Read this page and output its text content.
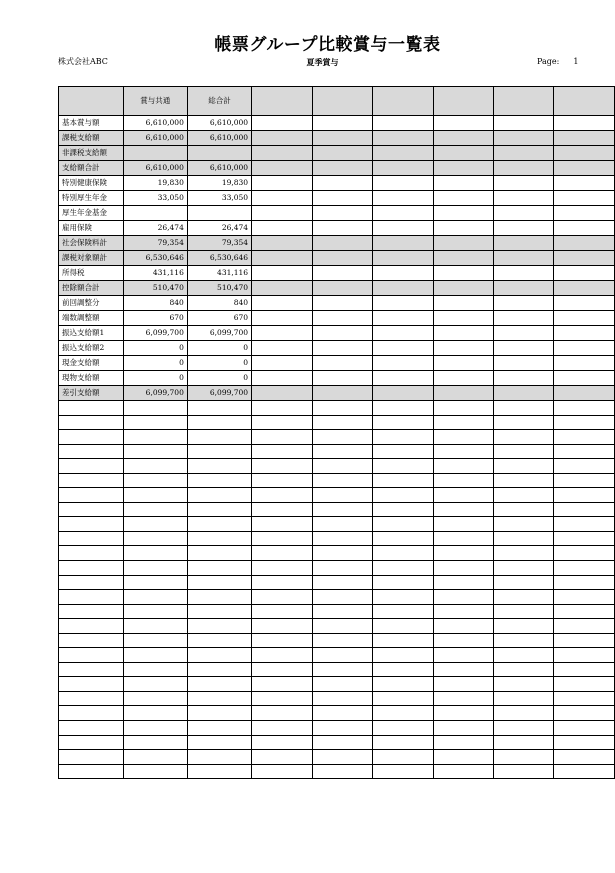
帳票グループ比較賞与一覧表
株式会社ABC	夏季賞与	Page: 1
	賞与共通	総合計						
基本賞与額	6,610,000	6,610,000						
課税支給額	6,610,000	6,610,000						
非課税支給額								
支給額合計	6,610,000	6,610,000						
特別健康保険	19,830	19,830						
特別厚生年金	33,050	33,050						
厚生年金基金								
雇用保険	26,474	26,474						
社会保険料計	79,354	79,354						
課税対象額計	6,530,646	6,530,646						
所得税	431,116	431,116						
控除額合計	510,470	510,470						
前回調整分	840	840						
端数調整額	670	670						
振込支給額1	6,099,700	6,099,700						
振込支給額2	0	0						
現金支給額	0	0						
現物支給額	0	0						
差引支給額	6,099,700	6,099,700						
